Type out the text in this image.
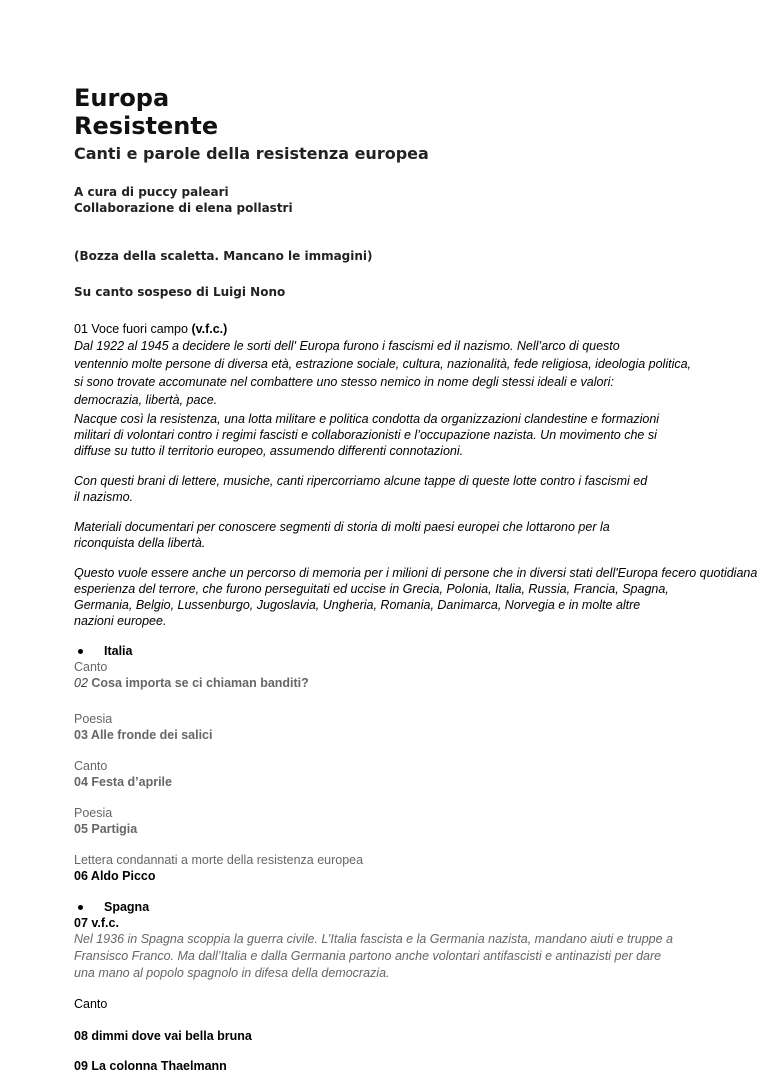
Europa
Resistente
Canti e parole della resistenza europea
A cura di puccy paleari
Collaborazione di elena pollastri
(Bozza della scaletta. Mancano le immagini)
Su canto sospeso di Luigi Nono
01 Voce fuori campo (v.f.c.)
Dal 1922 al 1945 a decidere le sorti dell' Europa furono i fascismi ed il nazismo. Nell’arco di questo
ventennio molte persone di diversa età, estrazione sociale, cultura, nazionalità, fede religiosa, ideologia politica,
si sono trovate accomunate nel combattere uno stesso nemico in nome degli stessi ideali e valori:
democrazia, libertà, pace.
Nacque così la resistenza, una lotta militare e politica condotta da organizzazioni clandestine e formazioni
militari di volontari contro i regimi fascisti e collaborazionisti e l’occupazione nazista. Un movimento che si
diffuse su tutto il territorio europeo, assumendo differenti connotazioni.
Con questi brani di lettere, musiche, canti ripercorriamo alcune tappe di queste lotte contro i fascismi ed
il nazismo.
Materiali documentari per conoscere segmenti di storia di molti paesi europei che lottarono per la
riconquista della libertà.
Questo vuole essere anche un percorso di memoria per i milioni di persone che in diversi stati dell'Europa fecero quotidiana
esperienza del terrore, che furono perseguitati ed uccise in Grecia, Polonia, Italia, Russia, Francia, Spagna,
Germania, Belgio, Lussenburgo, Jugoslavia, Ungheria, Romania, Danimarca, Norvegia e in molte altre
nazioni europee.
Italia
Canto
02 Cosa importa se ci chiaman banditi?
Poesia
03 Alle fronde dei salici
Canto
04 Festa d’aprile
Poesia
05 Partigia
Lettera condannati a morte della resistenza europea
06 Aldo Picco
Spagna
07 v.f.c.
Nel 1936 in Spagna scoppia la guerra civile. L’Italia fascista e la Germania nazista, mandano aiuti e truppe a
Fransisco Franco. Ma dall’Italia e dalla Germania partono anche volontari antifascisti e antinazisti per dare
una mano al popolo spagnolo in difesa della democrazia.
Canto
08 dimmi dove vai bella bruna
09 La colonna Thaelmann
